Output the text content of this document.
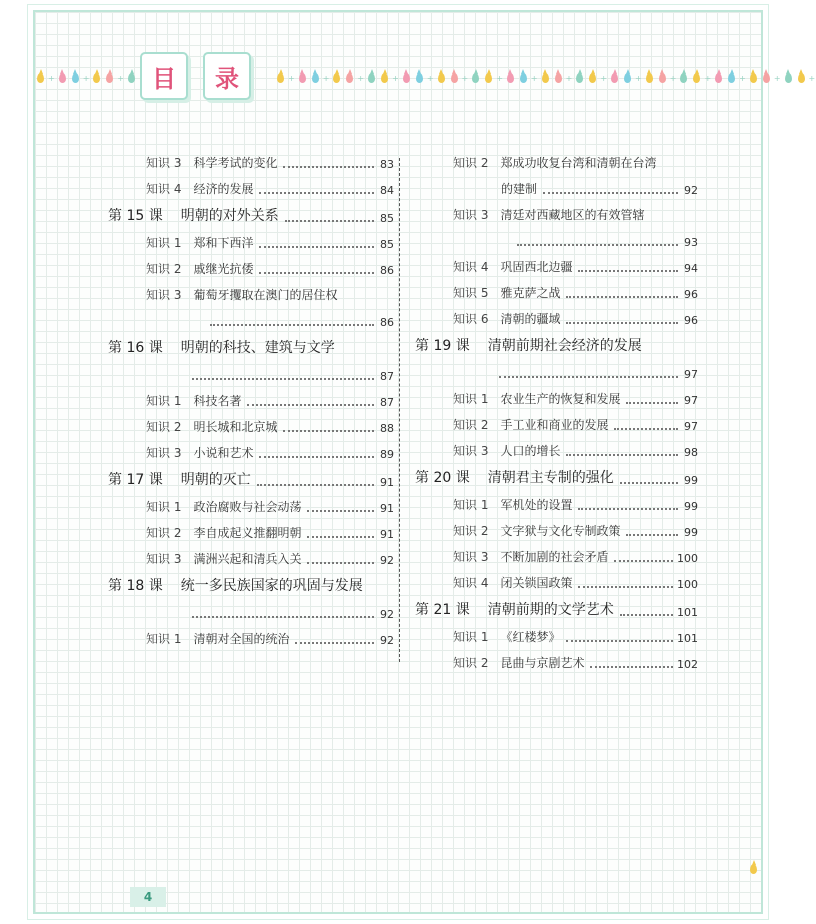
+	+	+	+	+	+	+	+	+	+	+	+	+	+	+	+	+	+	+
目 录
知识 3 科学考试的变化	83
知识 4 经济的发展	84
第 15 课 明朝的对外关系	85
知识 1 郑和下西洋	85
知识 2 戚继光抗倭	86
知识 3 葡萄牙攫取在澳门的居住权
86
第 16 课 明朝的科技、建筑与文学
87
知识 1 科技名著	87
知识 2 明长城和北京城	88
知识 3 小说和艺术	89
第 17 课 明朝的灭亡	91
知识 1 政治腐败与社会动荡	91
知识 2 李自成起义推翻明朝	91
知识 3 满洲兴起和清兵入关	92
第 18 课 统一多民族国家的巩固与发展
92
知识 1 清朝对全国的统治	92
知识 2 郑成功收复台湾和清朝在台湾
的建制	92
知识 3 清廷对西藏地区的有效管辖
93
知识 4 巩固西北边疆	94
知识 5 雅克萨之战	96
知识 6 清朝的疆域	96
第 19 课 清朝前期社会经济的发展
97
知识 1 农业生产的恢复和发展	97
知识 2 手工业和商业的发展	97
知识 3 人口的增长	98
第 20 课 清朝君主专制的强化	99
知识 1 军机处的设置	99
知识 2 文字狱与文化专制政策	99
知识 3 不断加剧的社会矛盾	100
知识 4 闭关锁国政策	100
第 21 课 清朝前期的文学艺术	101
知识 1 《红楼梦》	101
知识 2 昆曲与京剧艺术	102
4
